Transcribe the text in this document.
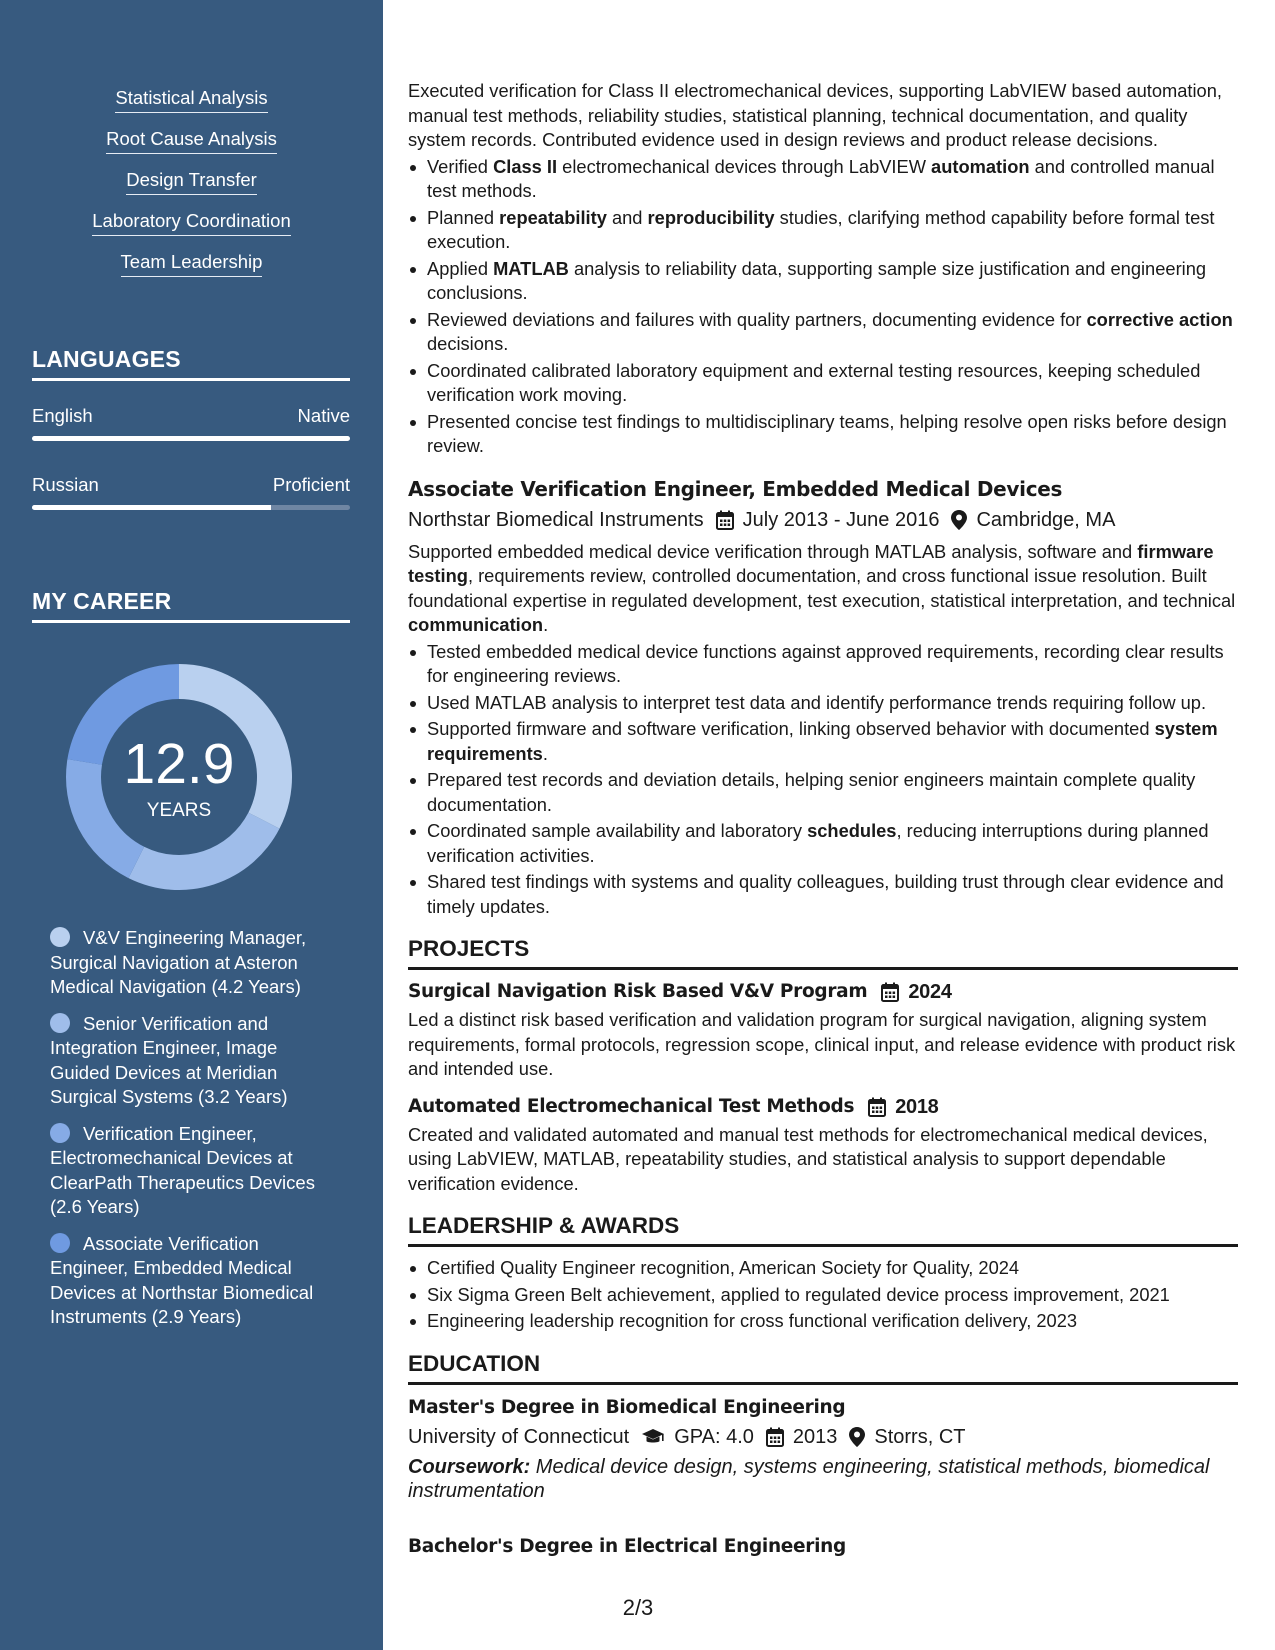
Statistical Analysis
Root Cause Analysis
Design Transfer
Laboratory Coordination
Team Leadership
LANGUAGES
English	Native
Russian	Proficient
MY CAREER
12.9
YEARS
V&V Engineering Manager, Surgical Navigation at Asteron Medical Navigation (4.2 Years)
Senior Verification and Integration Engineer, Image Guided Devices at Meridian Surgical Systems (3.2 Years)
Verification Engineer, Electromechanical Devices at ClearPath Therapeutics Devices (2.6 Years)
Associate Verification Engineer, Embedded Medical Devices at Northstar Biomedical Instruments (2.9 Years)
Executed verification for Class II electromechanical devices, supporting LabVIEW based automation, manual test methods, reliability studies, statistical planning, technical documentation, and quality system records. Contributed evidence used in design reviews and product release decisions.
Verified Class II electromechanical devices through LabVIEW automation and controlled manual test methods.
Planned repeatability and reproducibility studies, clarifying method capability before formal test execution.
Applied MATLAB analysis to reliability data, supporting sample size justification and engineering conclusions.
Reviewed deviations and failures with quality partners, documenting evidence for corrective action decisions.
Coordinated calibrated laboratory equipment and external testing resources, keeping scheduled verification work moving.
Presented concise test findings to multidisciplinary teams, helping resolve open risks before design review.
Associate Verification Engineer, Embedded Medical Devices
Northstar Biomedical Instruments July 2013 - June 2016 Cambridge, MA
Supported embedded medical device verification through MATLAB analysis, software and firmware testing, requirements review, controlled documentation, and cross functional issue resolution. Built foundational expertise in regulated development, test execution, statistical interpretation, and technical communication.
Tested embedded medical device functions against approved requirements, recording clear results for engineering reviews.
Used MATLAB analysis to interpret test data and identify performance trends requiring follow up.
Supported firmware and software verification, linking observed behavior with documented system requirements.
Prepared test records and deviation details, helping senior engineers maintain complete quality documentation.
Coordinated sample availability and laboratory schedules, reducing interruptions during planned verification activities.
Shared test findings with systems and quality colleagues, building trust through clear evidence and timely updates.
PROJECTS
Surgical Navigation Risk Based V&V Program 2024
Led a distinct risk based verification and validation program for surgical navigation, aligning system requirements, formal protocols, regression scope, clinical input, and release evidence with product risk and intended use.
Automated Electromechanical Test Methods 2018
Created and validated automated and manual test methods for electromechanical medical devices, using LabVIEW, MATLAB, repeatability studies, and statistical analysis to support dependable verification evidence.
LEADERSHIP & AWARDS
Certified Quality Engineer recognition, American Society for Quality, 2024
Six Sigma Green Belt achievement, applied to regulated device process improvement, 2021
Engineering leadership recognition for cross functional verification delivery, 2023
EDUCATION
Master's Degree in Biomedical Engineering
University of Connecticut GPA: 4.0 2013 Storrs, CT
Coursework: Medical device design, systems engineering, statistical methods, biomedical instrumentation
Bachelor's Degree in Electrical Engineering
2/3
